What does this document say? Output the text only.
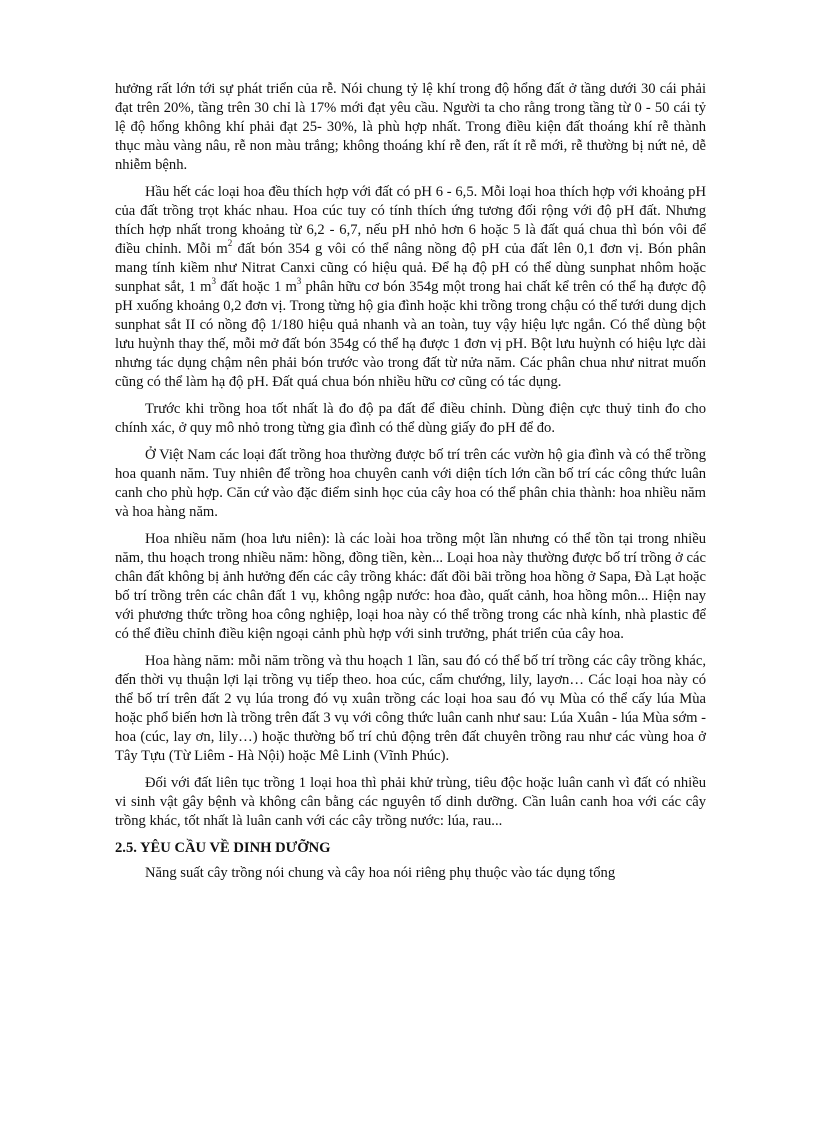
hưởng rất lớn tới sự phát triển của rễ. Nói chung tỷ lệ khí trong độ hổng đất ở tầng dưới 30 cái phải đạt trên 20%, tầng trên 30 chỉ là 17% mới đạt yêu cầu. Người ta cho rằng trong tầng từ 0 - 50 cái tỷ lệ độ hổng không khí phải đạt 25- 30%, là phù hợp nhất. Trong điều kiện đất thoáng khí rễ thành thục màu vàng nâu, rễ non màu trắng; không thoáng khí rễ đen, rất ít rễ mới, rễ thường bị nứt nẻ, dễ nhiễm bệnh.

Hầu hết các loại hoa đều thích hợp với đất có pH 6 - 6,5. Mỗi loại hoa thích hợp với khoảng pH của đất trồng trọt khác nhau. Hoa cúc tuy có tính thích ứng tương đối rộng với độ pH đất. Nhưng thích hợp nhất trong khoảng từ 6,2 - 6,7, nếu pH nhỏ hơn 6 hoặc 5 là đất quá chua thì bón vôi để điều chỉnh. Mỗi $m^2$ đất bón 354 g vôi có thể nâng nồng độ pH của đất lên 0,1 đơn vị. Bón phân mang tính kiềm như Nitrat Canxi cũng có hiệu quả. Để hạ độ pH có thể dùng sunphat nhôm hoặc sunphat sắt, 1 $m^3$ đất hoặc 1 $m^3$ phân hữu cơ bón 354g một trong hai chất kể trên có thể hạ được độ pH xuống khoảng 0,2 đơn vị. Trong từng hộ gia đình hoặc khi trồng trong chậu có thể tưới dung dịch sunphat sắt II có nồng độ 1/180 hiệu quả nhanh và an toàn, tuy vậy hiệu lực ngắn. Có thể dùng bột lưu huỳnh thay thế, mỗi mở đất bón 354g có thể hạ được 1 đơn vị pH. Bột lưu huỳnh có hiệu lực dài nhưng tác dụng chậm nên phải bón trước vào trong đất từ nửa năm. Các phân chua như nitrat muốn cũng có thể làm hạ độ pH. Đất quá chua bón nhiều hữu cơ cũng có tác dụng.

Trước khi trồng hoa tốt nhất là đo độ pa đất để điều chỉnh. Dùng điện cực thuỷ tinh đo cho chính xác, ở quy mô nhỏ trong từng gia đình có thể dùng giấy đo pH để đo.

Ở Việt Nam các loại đất trồng hoa thường được bố trí trên các vườn hộ gia đình và có thể trồng hoa quanh năm. Tuy nhiên để trồng hoa chuyên canh với diện tích lớn cần bố trí các công thức luân canh cho phù hợp. Căn cứ vào đặc điểm sinh học của cây hoa có thể phân chia thành: hoa nhiều năm và hoa hàng năm.

Hoa nhiều năm (hoa lưu niên): là các loài hoa trồng một lần nhưng có thể tồn tại trong nhiều năm, thu hoạch trong nhiều năm: hồng, đồng tiền, kèn... Loại hoa này thường được bố trí trồng ở các chân đất không bị ảnh hưởng đến các cây trồng khác: đất đồi bãi trồng hoa hồng ở Sapa, Đà Lạt hoặc bố trí trồng trên các chân đất 1 vụ, không ngập nước: hoa đào, quất cảnh, hoa hồng môn... Hiện nay với phương thức trồng hoa công nghiệp, loại hoa này có thể trồng trong các nhà kính, nhà plastic để có thể điều chỉnh điều kiện ngoại cảnh phù hợp với sinh trưởng, phát triển của cây hoa.

Hoa hàng năm: mỗi năm trồng và thu hoạch 1 lần, sau đó có thể bố trí trồng các cây trồng khác, đến thời vụ thuận lợi lại trồng vụ tiếp theo. hoa cúc, cẩm chướng, lily, layơn… Các loại hoa này có thể bố trí trên đất 2 vụ lúa trong đó vụ xuân trồng các loại hoa sau đó vụ Mùa có thể cấy lúa Mùa hoặc phổ biến hơn là trồng trên đất 3 vụ với công thức luân canh như sau: Lúa Xuân - lúa Mùa sớm - hoa (cúc, lay ơn, lily…) hoặc thường bố trí chủ động trên đất chuyên trồng rau như các vùng hoa ở Tây Tựu (Từ Liêm - Hà Nội) hoặc Mê Linh (Vĩnh Phúc).

Đối với đất liên tục trồng 1 loại hoa thì phải khử trùng, tiêu độc hoặc luân canh vì đất có nhiều vi sinh vật gây bệnh và không cân bằng các nguyên tố dinh dưỡng. Cần luân canh hoa với các cây trồng khác, tốt nhất là luân canh với các cây trồng nước: lúa, rau...

2.5. YÊU CẦU VỀ DINH DƯỠNG

Năng suất cây trồng nói chung và cây hoa nói riêng phụ thuộc vào tác dụng tổng
